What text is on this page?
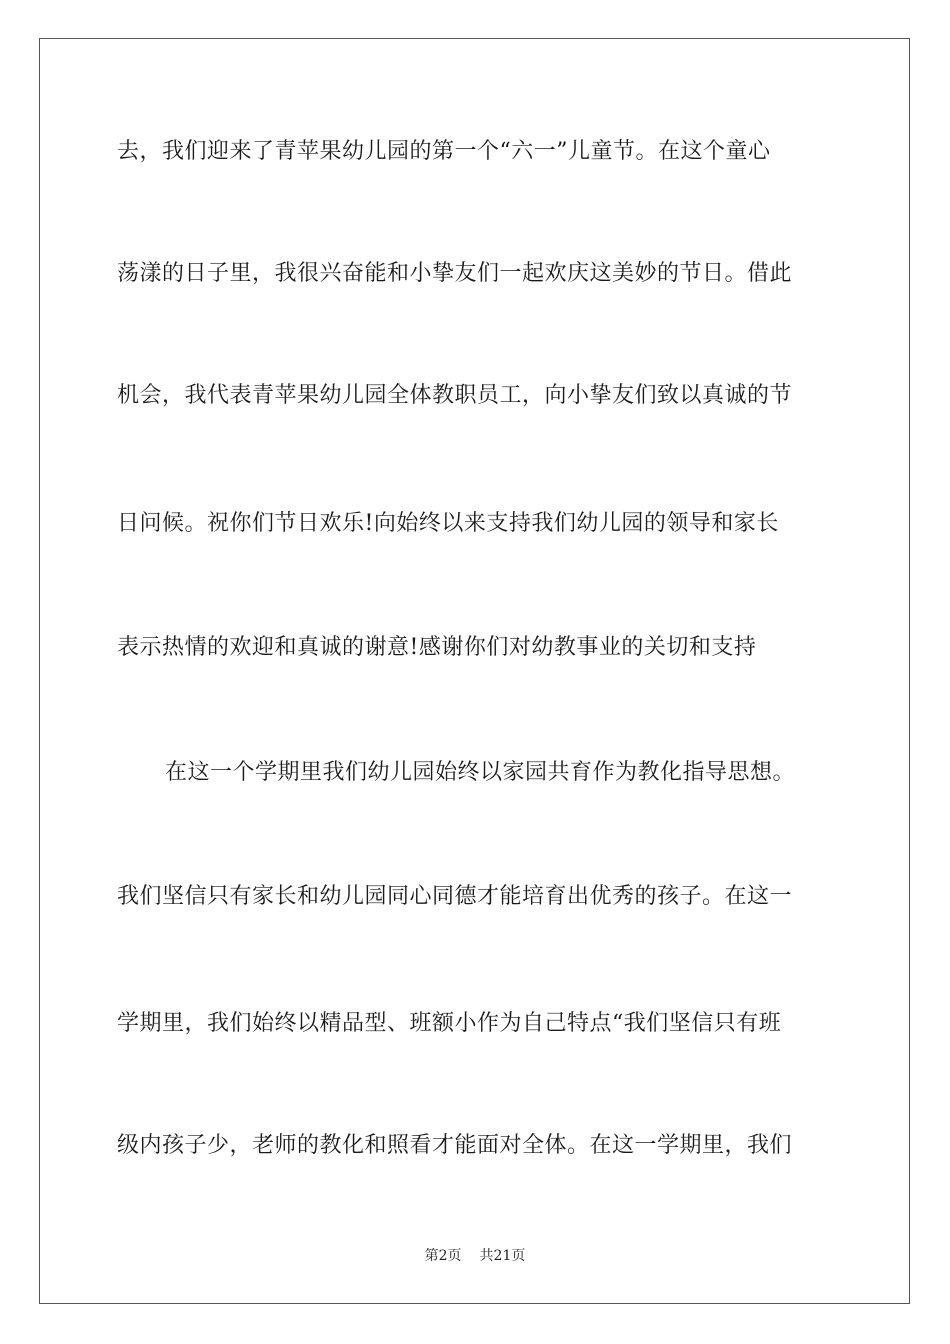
去，我们迎来了青苹果幼儿园的第一个“六一”儿童节。在这个童心
荡漾的日子里，我很兴奋能和小挚友们一起欢庆这美妙的节日。借此
机会，我代表青苹果幼儿园全体教职员工，向小挚友们致以真诚的节
日问候。祝你们节日欢乐!向始终以来支持我们幼儿园的领导和家长
表示热情的欢迎和真诚的谢意!感谢你们对幼教事业的关切和支持
在这一个学期里我们幼儿园始终以家园共育作为教化指导思想。
我们坚信只有家长和幼儿园同心同德才能培育出优秀的孩子。在这一
学期里，我们始终以精品型、班额小作为自己特点“我们坚信只有班
级内孩子少，老师的教化和照看才能面对全体。在这一学期里，我们
第2页 共21页
